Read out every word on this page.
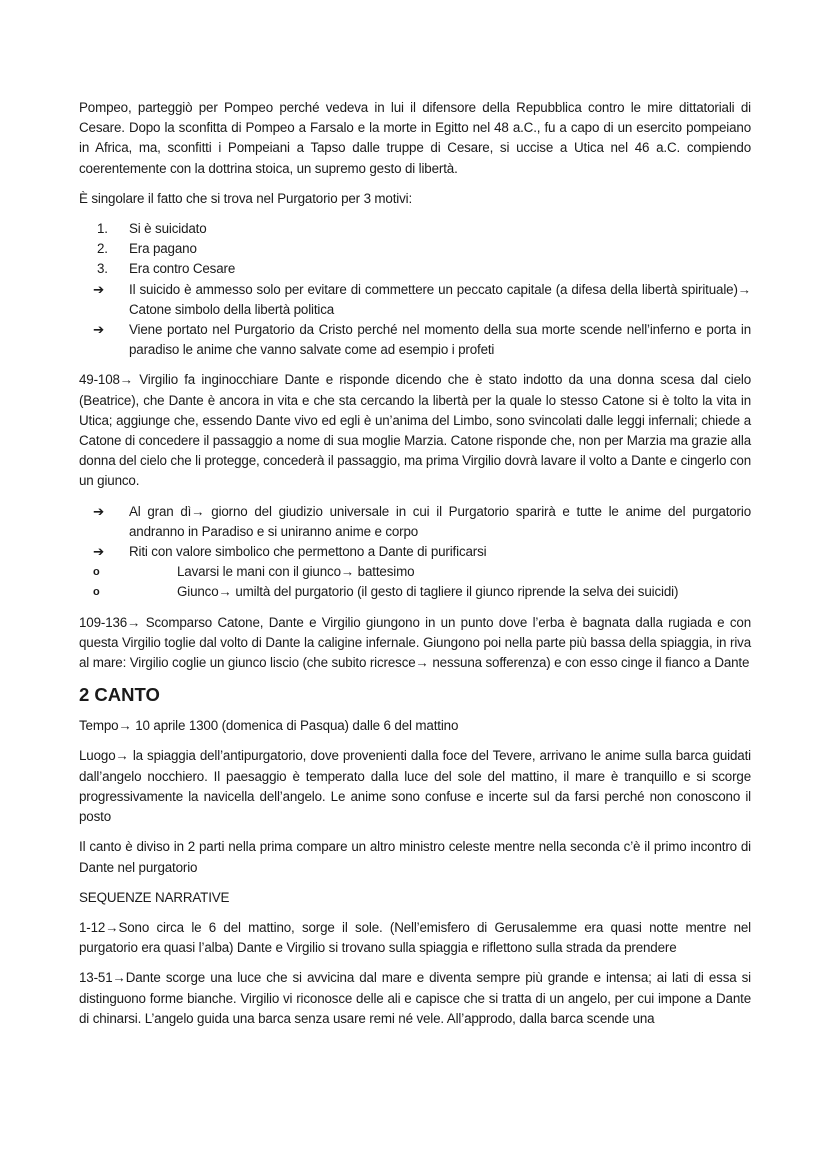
Pompeo, parteggiò per Pompeo perché vedeva in lui il difensore della Repubblica contro le mire dittatoriali di Cesare. Dopo la sconfitta di Pompeo a Farsalo e la morte in Egitto nel 48 a.C., fu a capo di un esercito pompeiano in Africa, ma, sconfitti i Pompeiani a Tapso dalle truppe di Cesare, si uccise a Utica nel 46 a.C. compiendo coerentemente con la dottrina stoica, un supremo gesto di libertà.

È singolare il fatto che si trova nel Purgatorio per 3 motivi:

1. Si è suicidato
2. Era pagano
3. Era contro Cesare
➔ Il suicido è ammesso solo per evitare di commettere un peccato capitale (a difesa della libertà spirituale)→ Catone simbolo della libertà politica
➔ Viene portato nel Purgatorio da Cristo perché nel momento della sua morte scende nell’inferno e porta in paradiso le anime che vanno salvate come ad esempio i profeti

49-108→ Virgilio fa inginocchiare Dante e risponde dicendo che è stato indotto da una donna scesa dal cielo (Beatrice), che Dante è ancora in vita e che sta cercando la libertà per la quale lo stesso Catone si è tolto la vita in Utica; aggiunge che, essendo Dante vivo ed egli è un’anima del Limbo, sono svincolati dalle leggi infernali; chiede a Catone di concedere il passaggio a nome di sua moglie Marzia. Catone risponde che, non per Marzia ma grazie alla donna del cielo che li protegge, concederà il passaggio, ma prima Virgilio dovrà lavare il volto a Dante e cingerlo con un giunco.

➔ Al gran dì→ giorno del giudizio universale in cui il Purgatorio sparirà e tutte le anime del purgatorio andranno in Paradiso e si uniranno anime e corpo
➔ Riti con valore simbolico che permettono a Dante di purificarsi
o	Lavarsi le mani con il giunco→ battesimo
o	Giunco→ umiltà del purgatorio (il gesto di tagliere il giunco riprende la selva dei suicidi)

109-136→ Scomparso Catone, Dante e Virgilio giungono in un punto dove l’erba è bagnata dalla rugiada e con questa Virgilio toglie dal volto di Dante la caligine infernale. Giungono poi nella parte più bassa della spiaggia, in riva al mare: Virgilio coglie un giunco liscio (che subito ricresce→ nessuna sofferenza) e con esso cinge il fianco a Dante

2 CANTO

Tempo→ 10 aprile 1300 (domenica di Pasqua) dalle 6 del mattino

Luogo→ la spiaggia dell’antipurgatorio, dove provenienti dalla foce del Tevere, arrivano le anime sulla barca guidati dall’angelo nocchiero. Il paesaggio è temperato dalla luce del sole del mattino, il mare è tranquillo e si scorge progressivamente la navicella dell’angelo. Le anime sono confuse e incerte sul da farsi perché non conoscono il posto

Il canto è diviso in 2 parti nella prima compare un altro ministro celeste mentre nella seconda c’è il primo incontro di Dante nel purgatorio

SEQUENZE NARRATIVE

1-12→Sono circa le 6 del mattino, sorge il sole. (Nell’emisfero di Gerusalemme era quasi notte mentre nel purgatorio era quasi l’alba) Dante e Virgilio si trovano sulla spiaggia e riflettono sulla strada da prendere

13-51→Dante scorge una luce che si avvicina dal mare e diventa sempre più grande e intensa; ai lati di essa si distinguono forme bianche. Virgilio vi riconosce delle ali e capisce che si tratta di un angelo, per cui impone a Dante di chinarsi. L’angelo guida una barca senza usare remi né vele. All’approdo, dalla barca scende una
